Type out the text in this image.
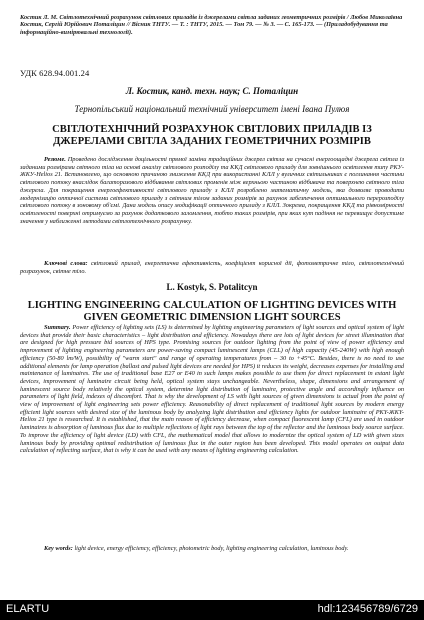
Костик Л. М. Світлотехнічний розрахунок світлових приладів із джерелами світла заданих геометричних розмірів / Любов Миколаївна Костик, Сергій Юрійович Поталіцин // Вісник ТНТУ. — Т. : ТНТУ, 2015. — Том 79. — № 3. — С. 165-173. — (Приладобудування та інформаційно-вимірювальні технології).
УДК 628.94.001.24
Л. Костик, канд. техн. наук; С. Поталіцин
Тернопільський національний технічний університет імені Івана Пулюя
СВІТЛОТЕХНІЧНИЙ РОЗРАХУНОК СВІТЛОВИХ ПРИЛАДІВ ІЗ ДЖЕРЕЛАМИ СВІТЛА ЗАДАНИХ ГЕОМЕТРИЧНИХ РОЗМІРІВ
Резюме. Проведено дослідження доцільності прямої заміни традиційних джерел світла на сучасні енергоощадні джерела світла із заданими розмірами світного тіла на основі аналізу світлового розподілу та ККД світлового приладу для зовнішнього освітлення типу РКУ-ЖКУ-Helios 21. Встановлено, що основною причиною зниження ККД при використанні КЛЛ у вуличних світильниках є поглинання частини світлового потоку внаслідок багаторазового відбивання світлових променів між верхньою частиною відбивача та поверхнею світного тіла джерела. Для покращення енергоефективності світлового приладу з КЛЛ розроблено математичну модель, яка дозволяє проводити модернізацію оптичної системи світлового приладу з світним тілом заданих розмірів за рахунок забезпечення оптимального перерозподілу світлового потоку в зоновому об'ємі. Дана модель опису модифікації оптичного приладу з КЛЛ. Зокрема, покращення ККД та рівномірності освітленості поверхні отримуємо за рахунок додаткового заломлення, тобто таких розмірів, при яких кут падіння не перевищує допустиме значення у наближенні методами світлотехнічного розрахунку.
Ключові слова: світловий прилад, енергетична ефективність, коефіцієнт корисної дії, фотометричне тіло, світлотехнічний розрахунок, світне тіло.
L. Kostyk, S. Potalitcyn
LIGHTING ENGINEERING CALCULATION OF LIGHTING DEVICES WITH GIVEN GEOMETRIC DIMENSION LIGHT SOURCES
Summary. Power efficiency of lighting sets (LS) is determined by lighting engineering parameters of light sources and optical system of light devices that provide their basic characteristics – light distribution and efficiency. Nowadays there are lots of light devices for street illumination that are designed for high pressure bid sources of HPS type. Promising sources for outdoor lighting from the point of view of power efficiency and improvement of lighting engineering parameters are power-saving compact luminescent lamps (CLL) of high capacity (45-240W) with high enough efficiency (50-80 lm/W), possibility of "warm start" and range of operating temperatures from – 30 to +45°C. Besides, there is no need to use additional elements for lamp operation (ballast and pulsed light devices are needed for HPS) it reduces its weight, decreases expenses for installing and maintenance of luminaires. The use of traditional base E27 or E40 in such lamps makes possible to use them for direct replacement in extant light devices, improvement of luminaire circuit being held, optical system stays unchangeable. Nevertheless, shape, dimensions and arrangement of luminescent source body relatively the optical system, determine light distribution of luminaire, protective angle and accordingly influence on parameters of light field, indexes of discomfort. That is why the development of LS with light sources of given dimensions is actual from the point of view of improvement of light engineering sets power efficiency. Reasonability of direct replacement of traditional light sources by modern energy efficient light sources with desired size of the luminous body by analyzing light distribution and efficiency lights for outdoor luminaire of PKY-ЖKY-Helios 21 type is researched. It is established, that the main reason of efficiency decrease, when compact fluorescent lamp (CFL) are used in outdoor luminaires is absorption of luminous flux due to multiple reflections of light rays between the top of the reflector and the luminous body source surface. To improve the efficiency of light device (LD) with CFL, the mathematical model that allows to modernize the optical system of LD with given sizes luminous body by providing optimal redistribution of luminous flux in the outer region has been developed. This model operates on output data calculation of reflecting surface, that is why it can be used with any means of lighting engineering calculation.
Key words: light device, energy efficiency, efficiency, photometric body, lighting engineering calculation, luminous body.
ELARTU	hdl:123456789/6729
